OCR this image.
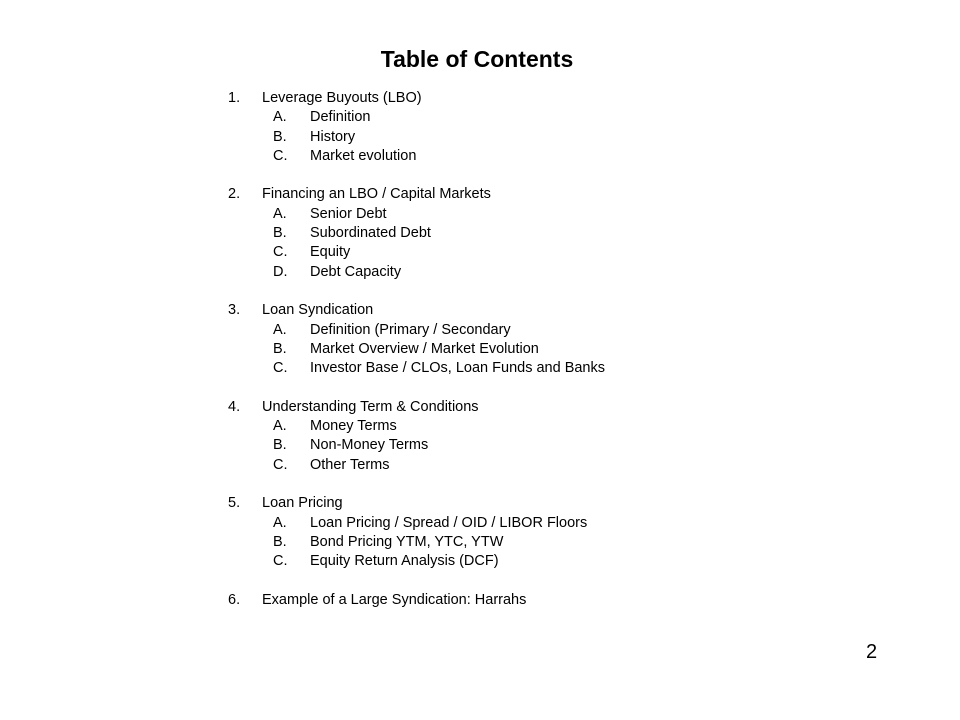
Table of Contents
1. Leverage Buyouts (LBO)
A. Definition
B. History
C. Market evolution
2. Financing an LBO / Capital Markets
A. Senior Debt
B. Subordinated Debt
C. Equity
D. Debt Capacity
3. Loan Syndication
A. Definition (Primary / Secondary
B. Market Overview / Market Evolution
C. Investor Base / CLOs, Loan Funds and Banks
4. Understanding Term & Conditions
A. Money Terms
B. Non-Money Terms
C. Other Terms
5. Loan Pricing
A. Loan Pricing / Spread / OID / LIBOR Floors
B. Bond Pricing YTM, YTC, YTW
C. Equity Return Analysis (DCF)
6. Example of a Large Syndication: Harrahs
2
